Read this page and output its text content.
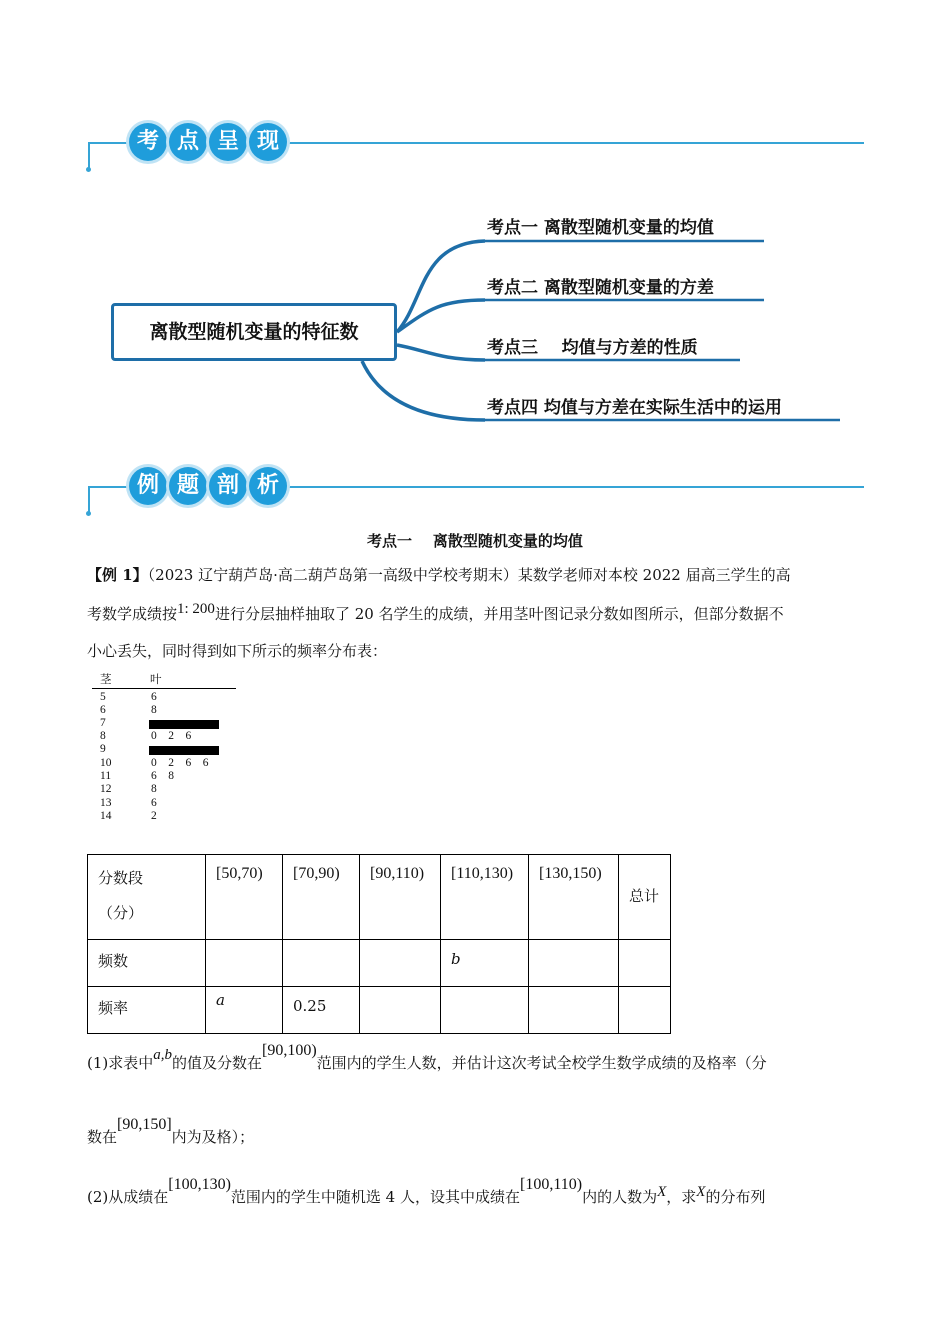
考 点 呈 现
离散型随机变量的特征数
考点一 离散型随机变量的均值
考点二 离散型随机变量的方差
考点三    均值与方差的性质
考点四 均值与方差在实际生活中的运用
例 题 剖 析
考点一    离散型随机变量的均值
【例 1】（2023 辽宁葫芦岛·高二葫芦岛第一高级中学校考期末）某数学老师对本校 2022 届高三学生的高
考数学成绩按1: 200进行分层抽样抽取了 20 名学生的成绩，并用茎叶图记录分数如图所示，但部分数据不
小心丢失，同时得到如下所示的频率分布表：
茎	叶
5	6
6	8
7
8	0    2    6
9
10	0    2    6    6
11	6    8
12	8
13	6
14	2
分数段
（分）	[50,70)	[70,90)	[90,110)	[110,130)	[130,150)	总计

频数				b		

频率	a	0.25				

(1)求表中a,b的值及分数在[90,100)范围内的学生人数，并估计这次考试全校学生数学成绩的及格率（分
数在[90,150]内为及格）；
(2)从成绩在[100,130)范围内的学生中随机选 4 人，设其中成绩在[100,110)内的人数为X，求X的分布列
